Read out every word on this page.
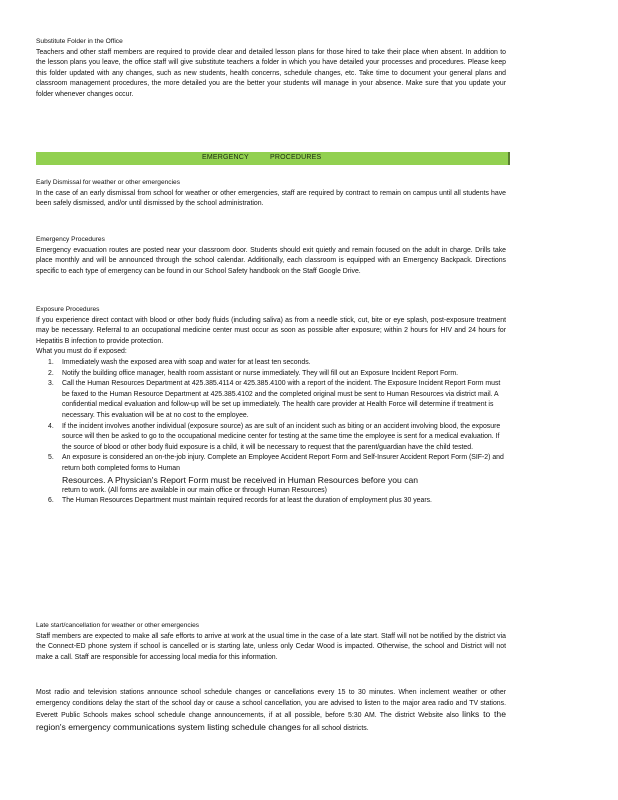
Substitute Folder in the Office

Teachers and other staff members are required to provide clear and detailed lesson plans for those hired to take their place when absent. In addition to the lesson plans you leave, the office staff will give substitute teachers a folder in which you have detailed your processes and procedures. Please keep this folder updated with any changes, such as new students, health concerns, schedule changes, etc. Take time to document your general plans and classroom management procedures, the more detailed you are the better your students will manage in your absence. Make sure that you update your folder whenever changes occur.

EMERGENCY	PROCEDURES

Early Dismissal for weather or other emergencies

In the case of an early dismissal from school for weather or other emergencies, staff are required by contract to remain on campus until all students have been safely dismissed, and/or until dismissed by the school administration.

Emergency Procedures

Emergency evacuation routes are posted near your classroom door. Students should exit quietly and remain focused on the adult in charge. Drills take place monthly and will be announced through the school calendar. Additionally, each classroom is equipped with an Emergency Backpack. Directions specific to each type of emergency can be found in our School Safety handbook on the Staff Google Drive.

Exposure Procedures

If you experience direct contact with blood or other body fluids (including saliva) as from a needle stick, cut, bite or eye splash, post-exposure treatment may be necessary. Referral to an occupational medicine center must occur as soon as possible after exposure; within 2 hours for HIV and 24 hours for Hepatitis B infection to provide protection.

What you must do if exposed:

1. Immediately wash the exposed area with soap and water for at least ten seconds.
2. Notify the building office manager, health room assistant or nurse immediately. They will fill out an Exposure Incident Report Form.
3. Call the Human Resources Department at 425.385.4114 or 425.385.4100 with a report of the incident. The Exposure Incident Report Form must be faxed to the Human Resource Department at 425.385.4102 and the completed original must be sent to Human Resources via district mail. A confidential medical evaluation and follow-up will be set up immediately. The health care provider at Health Force will determine if treatment is necessary. This evaluation will be at no cost to the employee.
4. If the incident involves another individual (exposure source) as are sult of an incident such as biting or an accident involving blood, the exposure source will then be asked to go to the occupational medicine center for testing at the same time the employee is sent for a medical evaluation. If the source of blood or other body fluid exposure is a child, it will be necessary to request that the parent/guardian have the child tested.
5. An exposure is considered an on-the-job injury. Complete an Employee Accident Report Form and Self-Insurer Accident Report Form (SIF-2) and return both completed forms to Human
Resources. A Physician's Report Form must be received in Human Resources before you can
return to work. (All forms are available in our main office or through Human Resources)
6. The Human Resources Department must maintain required records for at least the duration of employment plus 30 years.

Late start/cancellation for weather or other emergencies

Staff members are expected to make all safe efforts to arrive at work at the usual time in the case of a late start. Staff will not be notified by the district via the Connect-ED phone system if school is cancelled or is starting late, unless only Cedar Wood is impacted. Otherwise, the school and District will not make a call. Staff are responsible for accessing local media for this information.

Most radio and television stations announce school schedule changes or cancellations every 15 to 30 minutes. When inclement weather or other emergency conditions delay the start of the school day or cause a school cancellation, you are advised to listen to the major area radio and TV stations. Everett Public Schools makes school schedule change announcements, if at all possible, before 5:30 AM. The district Website also links to the region's emergency communications system listing schedule changes for all school districts.
